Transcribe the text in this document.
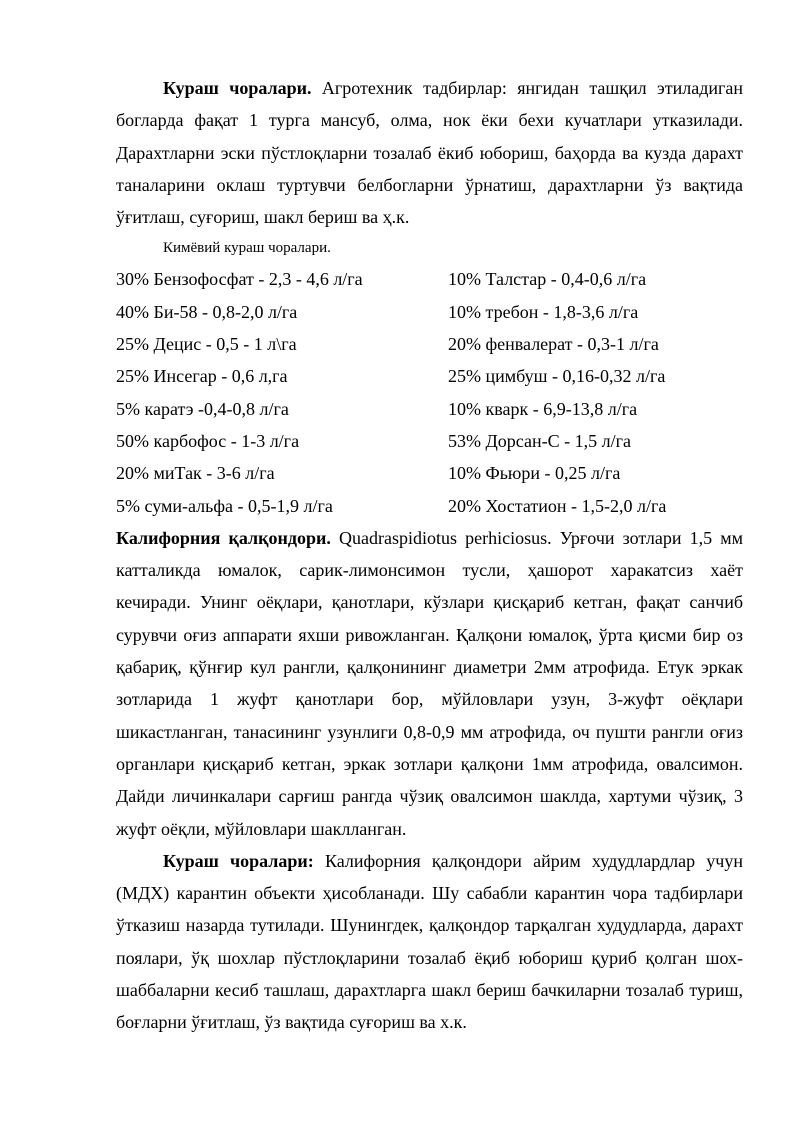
Кураш чоралари. Агротехник тадбирлар: янгидан ташқил этиладиган богларда фақат 1 турга мансуб, олма, нок ёки бехи кучатлари утказилади. Дарахтларни эски пўстлоқларни тозалаб ёкиб юбориш, баҳорда ва кузда дарахт таналарини оклаш туртувчи белбогларни ўрнатиш, дарахтларни ўз вақтида ўғитлаш, суғориш, шакл бериш ва ҳ.к.

Кимёвий кураш чоралари.

30% Бензофосфат - 2,3 - 4,6 л/га	10% Талстар - 0,4-0,6 л/га
40% Би-58 - 0,8-2,0 л/га	10% требон - 1,8-3,6 л/га
25% Децис - 0,5 - 1 л\га	20% фенвалерат - 0,3-1 л/га
25% Инсегар - 0,6 л,га	25% цимбуш - 0,16-0,32 л/га
5% каратэ -0,4-0,8 л/га	10% кварк - 6,9-13,8 л/га
50% карбофос - 1-3 л/га	53% Дорсан-С - 1,5 л/га
20% миТак - 3-6 л/га	10% Фьюри - 0,25 л/га
5% суми-альфа - 0,5-1,9 л/га	20% Хостатион - 1,5-2,0 л/га

Калифорния қалқондори. Quadraspidiotus perhiciosus. Урғочи зотлари 1,5 мм катталикда юмалок, сарик-лимонсимон тусли, ҳашорот харакатсиз хаёт кечиради. Унинг оёқлари, қанотлари, кўзлари қисқариб кетган, фақат санчиб сурувчи оғиз аппарати яхши ривожланган. Қалқони юмалоқ, ўрта қисми бир оз қабариқ, қўнғир кул рангли, қалқонининг диаметри 2мм атрофида. Етук эркак зотларида 1 жуфт қанотлари бор, мўйловлари узун, 3-жуфт оёқлари шикастланган, танасининг узунлиги 0,8-0,9 мм атрофида, оч пушти рангли оғиз органлари қисқариб кетган, эркак зотлари қалқони 1мм атрофида, овалсимон. Дайди личинкалари сарғиш рангда чўзиқ овалсимон шаклда, хартуми чўзиқ, 3 жуфт оёқли, мўйловлари шаклланган.

Кураш чоралари: Калифорния қалқондори айрим худудлардлар учун (МДХ) карантин объекти ҳисобланади. Шу сабабли карантин чора тадбирлари ўтказиш назарда тутилади. Шунингдек, қалқондор тарқалган худудларда, дарахт поялари, ўқ шохлар пўстлоқларини тозалаб ёқиб юбориш қуриб қолган шох-шаббаларни кесиб ташлаш, дарахтларга шакл бериш бачкиларни тозалаб туриш, боғларни ўғитлаш, ўз вақтида суғориш ва х.к.
